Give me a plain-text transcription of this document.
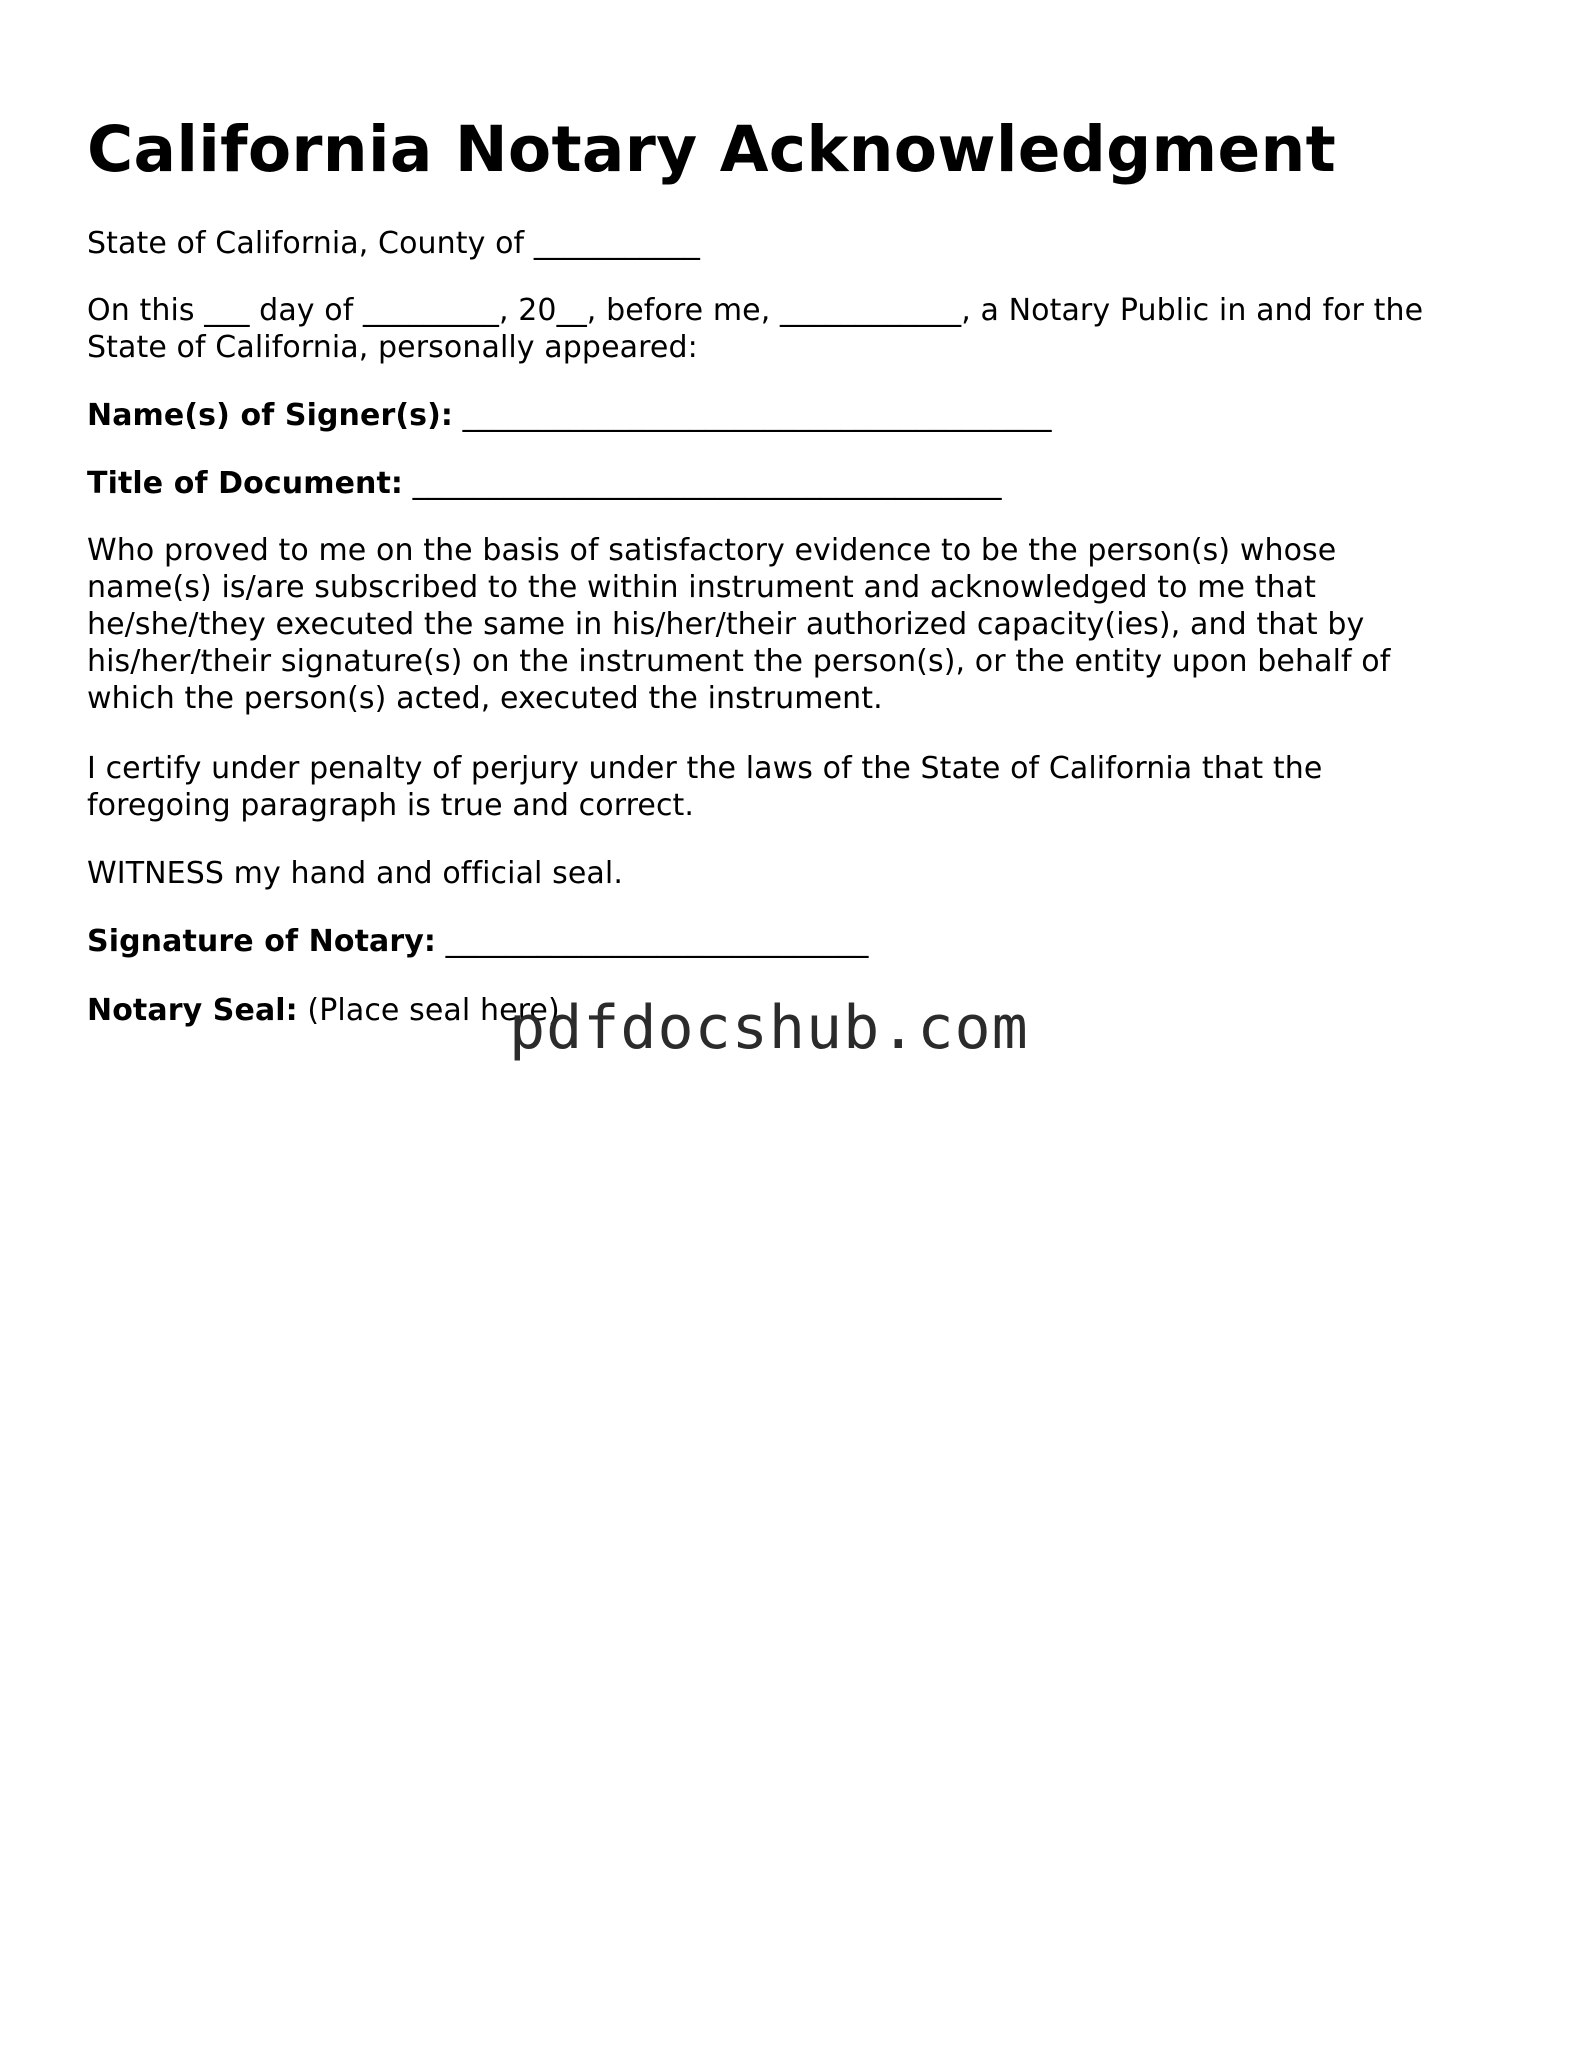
California Notary Acknowledgment

State of California, County of ___________

On this ___ day of _________, 20__, before me, ____________, a Notary Public in and for the
State of California, personally appeared:

Name(s) of Signer(s): _______________________________________

Title of Document: _______________________________________

Who proved to me on the basis of satisfactory evidence to be the person(s) whose
name(s) is/are subscribed to the within instrument and acknowledged to me that
he/she/they executed the same in his/her/their authorized capacity(ies), and that by
his/her/their signature(s) on the instrument the person(s), or the entity upon behalf of
which the person(s) acted, executed the instrument.

I certify under penalty of perjury under the laws of the State of California that the
foregoing paragraph is true and correct.

WITNESS my hand and official seal.

Signature of Notary: ____________________________

Notary Seal: (Place seal here)

pdfdocshub.com
